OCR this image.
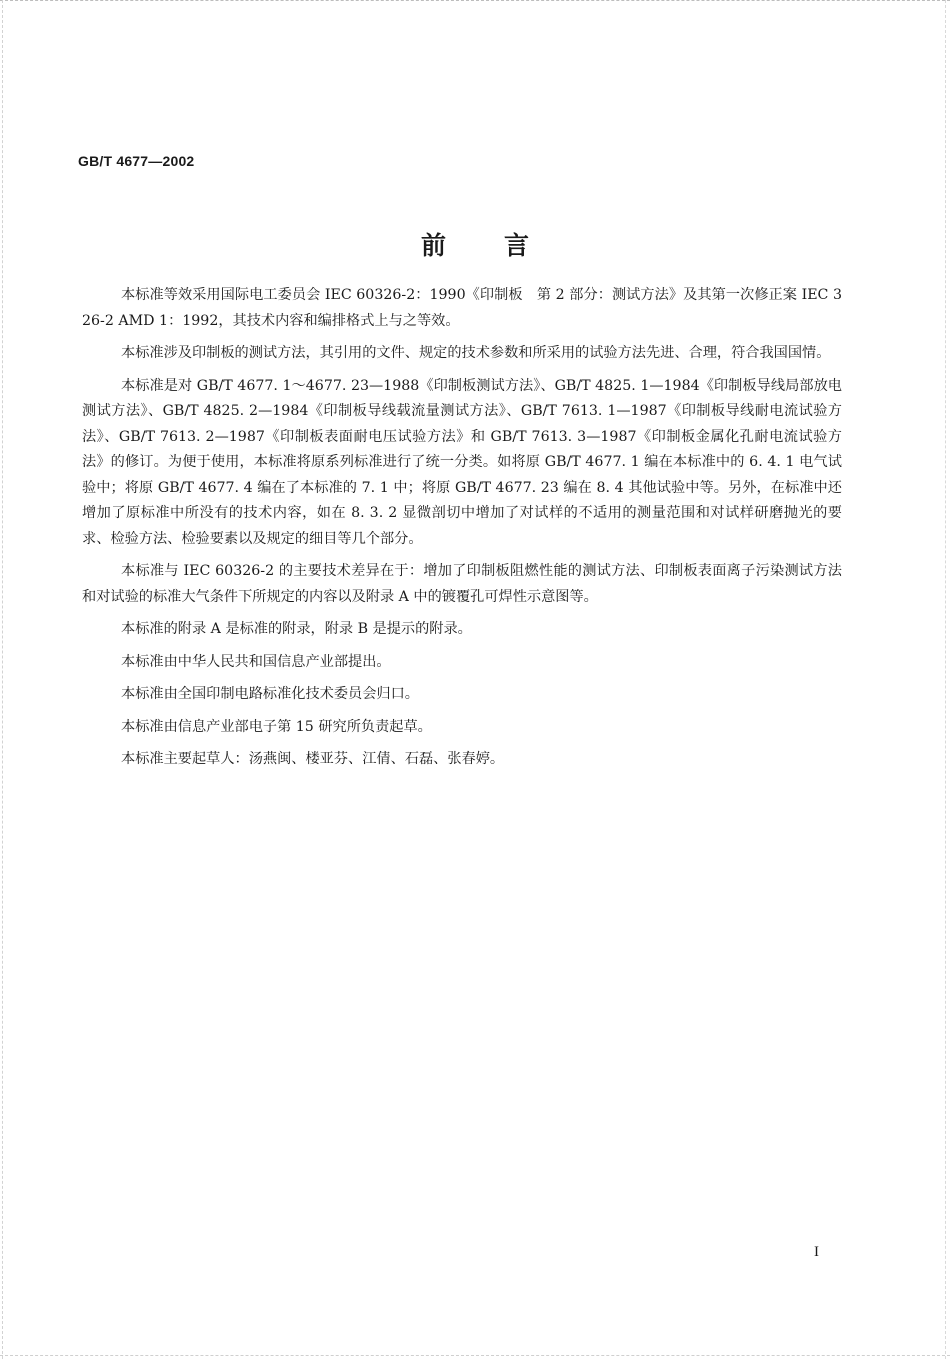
GB/T 4677—2002
前言

本标准等效采用国际电工委员会 IEC 60326-2：1990《印制板　第 2 部分：测试方法》及其第一次修正案 IEC 326-2 AMD 1：1992，其技术内容和编排格式上与之等效。

本标准涉及印制板的测试方法，其引用的文件、规定的技术参数和所采用的试验方法先进、合理，符合我国国情。

本标准是对 GB/T 4677. 1～4677. 23—1988《印制板测试方法》、GB/T 4825. 1—1984《印制板导线局部放电测试方法》、GB/T 4825. 2—1984《印制板导线载流量测试方法》、GB/T 7613. 1—1987《印制板导线耐电流试验方法》、GB/T 7613. 2—1987《印制板表面耐电压试验方法》和 GB/T 7613. 3—1987《印制板金属化孔耐电流试验方法》的修订。为便于使用，本标准将原系列标准进行了统一分类。如将原 GB/T 4677. 1 编在本标准中的 6. 4. 1 电气试验中；将原 GB/T 4677. 4 编在了本标准的 7. 1 中；将原 GB/T 4677. 23 编在 8. 4 其他试验中等。另外，在标准中还增加了原标准中所没有的技术内容，如在 8. 3. 2 显微剖切中增加了对试样的不适用的测量范围和对试样研磨抛光的要求、检验方法、检验要素以及规定的细目等几个部分。

本标准与 IEC 60326-2 的主要技术差异在于：增加了印制板阻燃性能的测试方法、印制板表面离子污染测试方法和对试验的标准大气条件下所规定的内容以及附录 A 中的镀覆孔可焊性示意图等。

本标准的附录 A 是标准的附录，附录 B 是提示的附录。

本标准由中华人民共和国信息产业部提出。

本标准由全国印制电路标准化技术委员会归口。

本标准由信息产业部电子第 15 研究所负责起草。

本标准主要起草人：汤燕闽、楼亚芬、江倩、石磊、张春婷。

I
